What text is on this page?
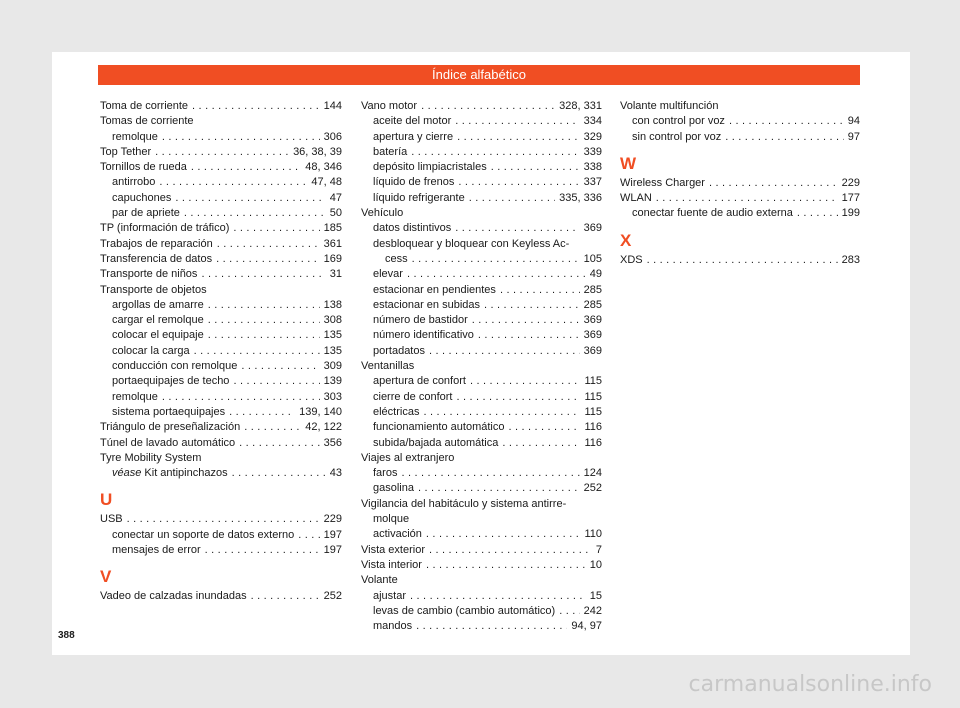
Índice alfabético
Toma de corriente . . .	144
Tomas de corriente
remolque . . .	306
Top Tether . . .	36, 38, 39
Tornillos de rueda . . .	48, 346
antirrobo . . .	47, 48
capuchones . . .	47
par de apriete . . .	50
TP (información de tráfico) . . .	185
Trabajos de reparación . . .	361
Transferencia de datos . . .	169
Transporte de niños . . .	31
Transporte de objetos
argollas de amarre . . .	138
cargar el remolque . . .	308
colocar el equipaje . . .	135
colocar la carga . . .	135
conducción con remolque . . .	309
portaequipajes de techo . . .	139
remolque . . .	303
sistema portaequipajes . . .	139, 140
Triángulo de preseñalización . . .	42, 122
Túnel de lavado automático . . .	356
Tyre Mobility System
véase Kit antipinchazos . . .	43
U
USB . . .	229
conectar un soporte de datos externo . . .	197
mensajes de error . . .	197
V
Vadeo de calzadas inundadas . . .	252
Vano motor . . .	328, 331
aceite del motor . . .	334
apertura y cierre . . .	329
batería . . .	339
depósito limpiacristales . . .	338
líquido de frenos . . .	337
líquido refrigerante . . .	335, 336
Vehículo
datos distintivos . . .	369
desbloquear y bloquear con Keyless Ac-
cess . . .	105
elevar . . .	49
estacionar en pendientes . . .	285
estacionar en subidas . . .	285
número de bastidor . . .	369
número identificativo . . .	369
portadatos . . .	369
Ventanillas
apertura de confort . . .	115
cierre de confort . . .	115
eléctricas . . .	115
funcionamiento automático . . .	116
subida/bajada automática . . .	116
Viajes al extranjero
faros . . .	124
gasolina . . .	252
Vigilancia del habitáculo y sistema antirre-
molque
activación . . .	110
Vista exterior . . .	7
Vista interior . . .	10
Volante
ajustar . . .	15
levas de cambio (cambio automático) . . .	242
mandos . . .	94, 97
Volante multifunción
con control por voz . . .	94
sin control por voz . . .	97
W
Wireless Charger . . .	229
WLAN . . .	177
conectar fuente de audio externa . . .	199
X
XDS . . .	283
388
carmanualsonline.info
